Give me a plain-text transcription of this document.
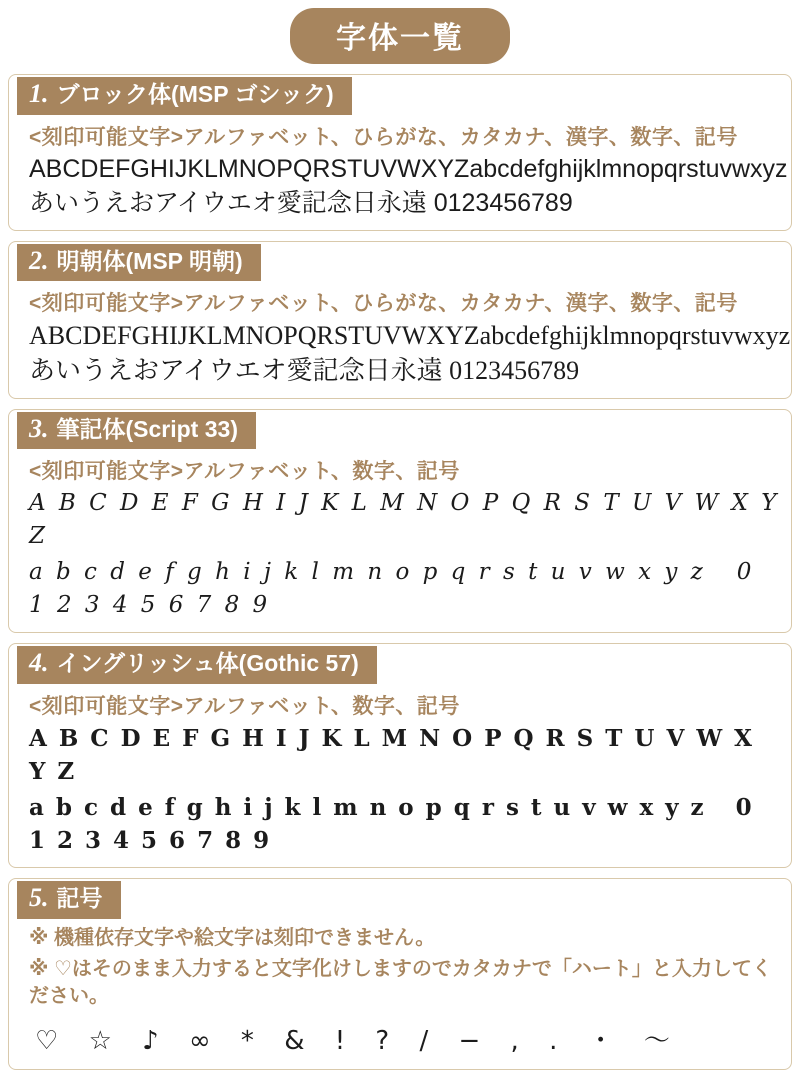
字体一覧
1. ブロック体(MSP ゴシック)
<刻印可能文字>アルファベット、ひらがな、カタカナ、漢字、数字、記号
ABCDEFGHIJKLMNOPQRSTUVWXYZabcdefghijklmnopqrstuvwxyz
あいうえおアイウエオ愛記念日永遠 0123456789
2. 明朝体(MSP 明朝)
<刻印可能文字>アルファベット、ひらがな、カタカナ、漢字、数字、記号
ABCDEFGHIJKLMNOPQRSTUVWXYZabcdefghijklmnopqrstuvwxyz
あいうえおアイウエオ愛記念日永遠 0123456789
3. 筆記体(Script 33)
<刻印可能文字>アルファベット、数字、記号
A B C D E F G H I J K L M N O P Q R S T U V W X Y Z
a b c d e f g h i j k l m n o p q r s t u v w x y z   0 1 2 3 4 5 6 7 8 9
4. イングリッシュ体(Gothic 57)
<刻印可能文字>アルファベット、数字、記号
A B C D E F G H I J K L M N O P Q R S T U V W X Y Z
a b c d e f g h i j k l m n o p q r s t u v w x y z   0 1 2 3 4 5 6 7 8 9
5. 記号
※ 機種依存文字や絵文字は刻印できません。
※ ♡はそのまま入力すると文字化けしますのでカタカナで「ハート」と入力してください。
♡ ☆ ♪ ∞ * & ! ? / − , . ・ 〜
